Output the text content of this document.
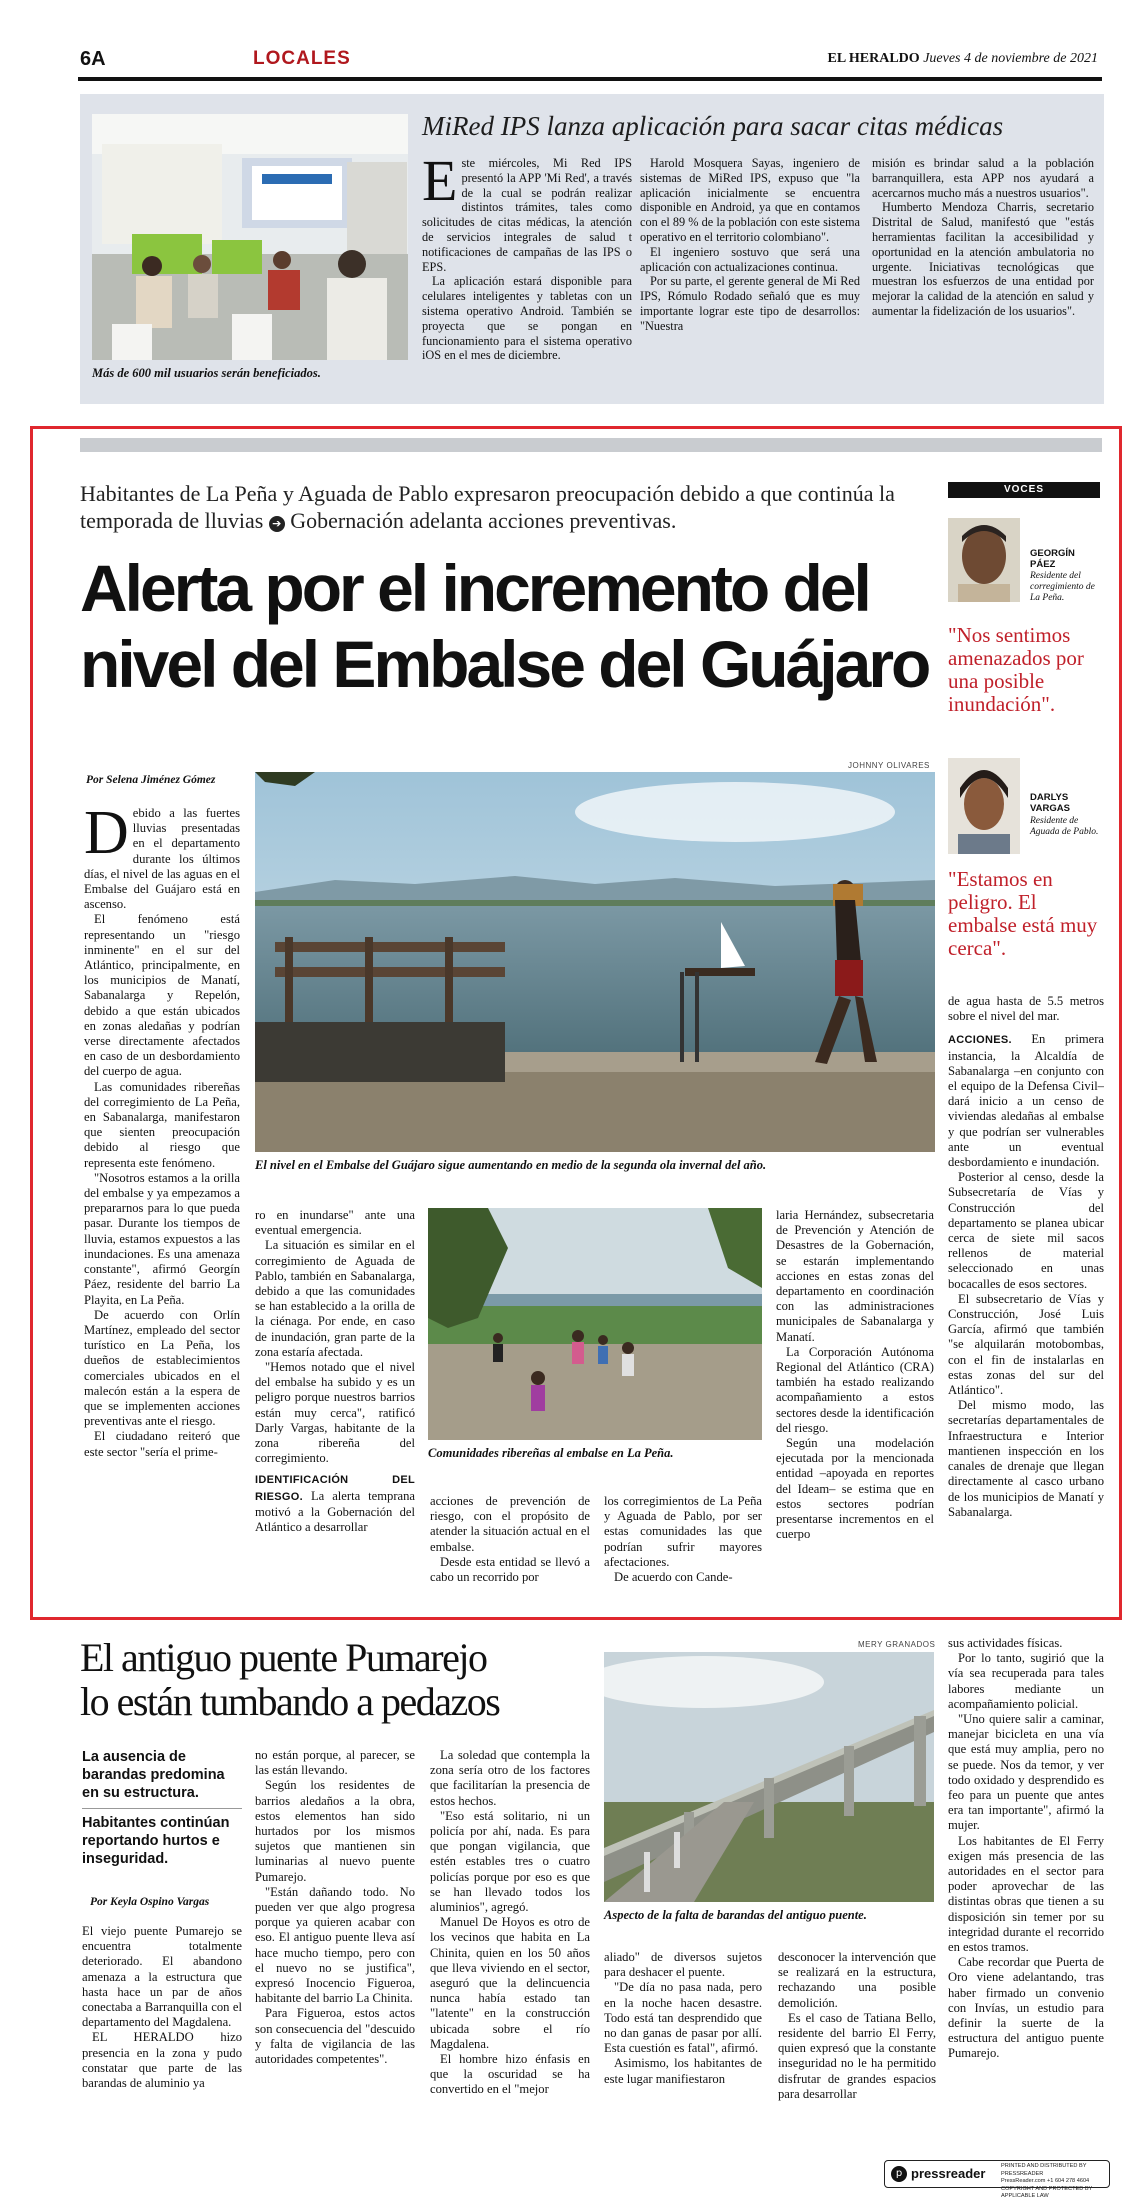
6A	LOCALES	EL HERALDO Jueves 4 de noviembre de 2021
Más de 600 mil usuarios serán beneficiados.
MiRed IPS lanza aplicación para sacar citas médicas
E ste miércoles, Mi Red IPS presentó la APP 'Mi Red', a través de la cual se podrán realizar distintos trámites, tales como solicitudes de citas médicas, la atención de servicios integrales de salud t notificaciones de campañas de las IPS o EPS.

La aplicación estará disponible para celulares inteligentes y tabletas con un sistema operativo Android. También se proyecta que se pongan en funcionamiento para el sistema operativo iOS en el mes de diciembre.

Harold Mosquera Sayas, ingeniero de sistemas de MiRed IPS, expuso que "la aplicación inicialmente se encuentra disponible en Android, ya que en contamos con el 89 % de la población con este sistema operativo en el territorio colombiano".

El ingeniero sostuvo que será una aplicación con actualizaciones continua.

Por su parte, el gerente general de Mi Red IPS, Rómulo Rodado señaló que es muy importante lograr este tipo de desarrollos: "Nuestra

misión es brindar salud a la población barranquillera, esta APP nos ayudará a acercarnos mucho más a nuestros usuarios".

Humberto Mendoza Charris, secretario Distrital de Salud, manifestó que "estás herramientas facilitan la accesibilidad y oportunidad en la atención ambulatoria no urgente. Iniciativas tecnológicas que muestran los esfuerzos de una entidad por mejorar la calidad de la atención en salud y aumentar la fidelización de los usuarios".

Habitantes de La Peña y Aguada de Pablo expresaron preocupación debido a que continúa la temporada de lluvias ➔ Gobernación adelanta acciones preventivas.
Alerta por el incremento del
nivel del Embalse del Guájaro
Por Selena Jiménez Gómez
JOHNNY OLIVARES
El nivel en el Embalse del Guájaro sigue aumentando en medio de la segunda ola invernal del año.
D ebido a las fuertes lluvias presentadas en el departamento durante los últimos días, el nivel de las aguas en el Embalse del Guájaro está en ascenso.

El fenómeno está representando un "riesgo inminente" en el sur del Atlántico, principalmente, en los municipios de Manatí, Sabanalarga y Repelón, debido a que están ubicados en zonas aledañas y podrían verse directamente afectados en caso de un desbordamiento del cuerpo de agua.

Las comunidades ribereñas del corregimiento de La Peña, en Sabanalarga, manifestaron que sienten preocupación debido al riesgo que representa este fenómeno.

"Nosotros estamos a la orilla del embalse y ya empezamos a prepararnos para lo que pueda pasar. Durante los tiempos de lluvia, estamos expuestos a las inundaciones. Es una amenaza constante", afirmó Georgín Páez, residente del barrio La Playita, en La Peña.

De acuerdo con Orlín Martínez, empleado del sector turístico en La Peña, los dueños de establecimientos comerciales ubicados en el malecón están a la espera de que se implementen acciones preventivas ante el riesgo.

El ciudadano reiteró que este sector "sería el prime-

ro en inundarse" ante una eventual emergencia.

La situación es similar en el corregimiento de Aguada de Pablo, también en Sabanalarga, debido a que las comunidades se han establecido a la orilla de la ciénaga. Por ende, en caso de inundación, gran parte de la zona estaría afectada.

"Hemos notado que el nivel del embalse ha subido y es un peligro porque nuestros barrios están muy cerca", ratificó Darly Vargas, habitante de la zona ribereña del corregimiento.

IDENTIFICACIÓN DEL RIESGO. La alerta temprana motivó a la Gobernación del Atlántico a desarrollar

Comunidades ribereñas al embalse en La Peña.

acciones de prevención de riesgo, con el propósito de atender la situación actual en el embalse.

Desde esta entidad se llevó a cabo un recorrido por

los corregimientos de La Peña y Aguada de Pablo, por ser estas comunidades las que podrían sufrir mayores afectaciones.

De acuerdo con Cande-

laria Hernández, subsecretaria de Prevención y Atención de Desastres de la Gobernación, se estarán implementando acciones en estas zonas del departamento en coordinación con las administraciones municipales de Sabanalarga y Manatí.

La Corporación Autónoma Regional del Atlántico (CRA) también ha estado realizando acompañamiento a estos sectores desde la identificación del riesgo.

Según una modelación ejecutada por la mencionada entidad –apoyada en reportes del Ideam– se estima que en estos sectores podrían presentarse incrementos en el cuerpo

VOCES
GEORGÍN PÁEZ
Residente del corregimiento de La Peña.
"Nos sentimos amenazados por una posible inundación".
DARLYS VARGAS
Residente de Aguada de Pablo.
"Estamos en peligro. El embalse está muy cerca".

de agua hasta de 5.5 metros sobre el nivel del mar.

ACCIONES. En primera instancia, la Alcaldía de Sabanalarga –en conjunto con el equipo de la Defensa Civil– dará inicio a un censo de viviendas aledañas al embalse y que podrían ser vulnerables ante un eventual desbordamiento e inundación.

Posterior al censo, desde la Subsecretaría de Vías y Construcción del departamento se planea ubicar cerca de siete mil sacos rellenos de material seleccionado en unas bocacalles de esos sectores.

El subsecretario de Vías y Construcción, José Luis García, afirmó que también "se alquilarán motobombas, con el fin de instalarlas en estas zonas del sur del Atlántico".

Del mismo modo, las secretarías departamentales de Infraestructura e Interior mantienen inspección en los canales de drenaje que llegan directamente al casco urbano de los municipios de Manatí y Sabanalarga.

El antiguo puente Pumarejo
lo están tumbando a pedazos
La ausencia de barandas predomina en su estructura.
Habitantes continúan reportando hurtos e inseguridad.
Por Keyla Ospino Vargas

El viejo puente Pumarejo se encuentra totalmente deteriorado. El abandono amenaza a la estructura que hasta hace un par de años conectaba a Barranquilla con el departamento del Magdalena.

EL HERALDO hizo presencia en la zona y pudo constatar que parte de las barandas de aluminio ya

no están porque, al parecer, se las están llevando.

Según los residentes de barrios aledaños a la obra, estos elementos han sido hurtados por los mismos sujetos que mantienen sin luminarias al nuevo puente Pumarejo.

"Están dañando todo. No pueden ver que algo progresa porque ya quieren acabar con eso. El antiguo puente lleva así hace mucho tiempo, pero con el nuevo no se justifica", expresó Inocencio Figueroa, habitante del barrio La Chinita.

Para Figueroa, estos actos son consecuencia del "descuido y falta de vigilancia de las autoridades competentes".

La soledad que contempla la zona sería otro de los factores que facilitarían la presencia de estos hechos.

"Eso está solitario, ni un policía por ahí, nada. Es para que pongan vigilancia, que estén estables tres o cuatro policías porque por eso es que se han llevado todos los aluminios", agregó.

Manuel De Hoyos es otro de los vecinos que habita en La Chinita, quien en los 50 años que lleva viviendo en el sector, aseguró que la delincuencia nunca había estado tan "latente" en la construcción ubicada sobre el río Magdalena.

El hombre hizo énfasis en que la oscuridad se ha convertido en el "mejor

MERY GRANADOS
Aspecto de la falta de barandas del antiguo puente.

aliado" de diversos sujetos para deshacer el puente.

"De día no pasa nada, pero en la noche hacen desastre. Todo está tan desprendido que no dan ganas de pasar por allí. Esta cuestión es fatal", afirmó.

Asimismo, los habitantes de este lugar manifiestaron

desconocer la intervención que se realizará en la estructura, rechazando una posible demolición.

Es el caso de Tatiana Bello, residente del barrio El Ferry, quien expresó que la constante inseguridad no le ha permitido disfrutar de grandes espacios para desarrollar

sus actividades físicas.

Por lo tanto, sugirió que la vía sea recuperada para tales labores mediante un acompañamiento policial.

"Uno quiere salir a caminar, manejar bicicleta en una vía que está muy amplia, pero no se puede. Nos da temor, y ver todo oxidado y desprendido es feo para un puente que antes era tan importante", afirmó la mujer.

Los habitantes de El Ferry exigen más presencia de las autoridades en el sector para poder aprovechar de las distintas obras que tienen a su disposición sin temer por su integridad durante el recorrido en estos tramos.

Cabe recordar que Puerta de Oro viene adelantando, tras haber firmado un convenio con Invías, un estudio para definir la suerte de la estructura del antiguo puente Pumarejo.

p pressreader	PRINTED AND DISTRIBUTED BY PRESSREADER
PressReader.com +1 604 278 4604
COPYRIGHT AND PROTECTED BY APPLICABLE LAW
